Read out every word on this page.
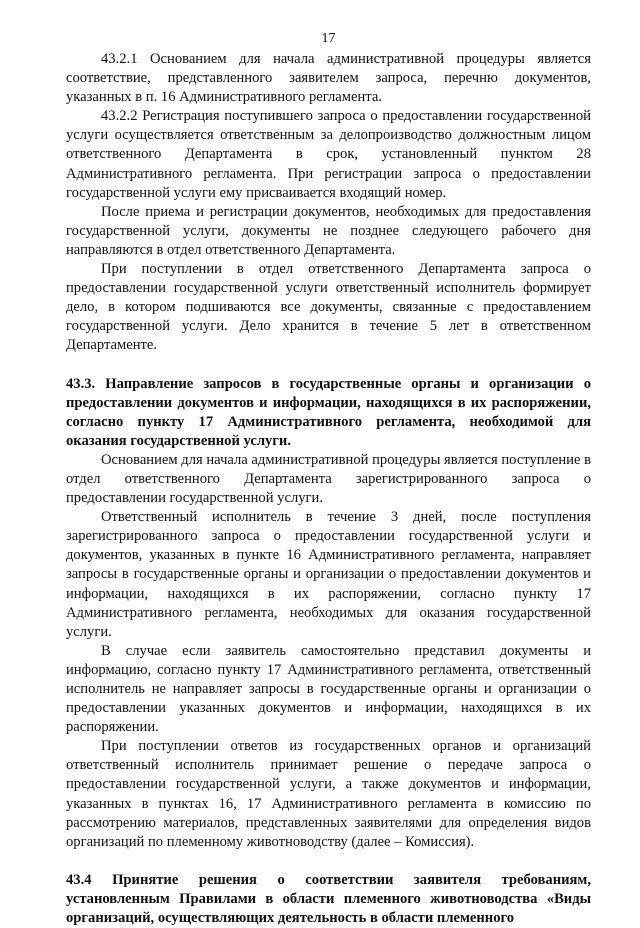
17

43.2.1 Основанием для начала административной процедуры является соответствие, представленного заявителем запроса, перечню документов, указанных в п. 16 Административного регламента.

43.2.2 Регистрация поступившего запроса о предоставлении государственной услуги осуществляется ответственным за делопроизводство должностным лицом ответственного Департамента в срок, установленный пунктом 28 Административного регламента. При регистрации запроса о предоставлении государственной услуги ему присваивается входящий номер.

После приема и регистрации документов, необходимых для предоставления государственной услуги, документы не позднее следующего рабочего дня направляются в отдел ответственного Департамента.

При поступлении в отдел ответственного Департамента запроса о предоставлении государственной услуги ответственный исполнитель формирует дело, в котором подшиваются все документы, связанные с предоставлением государственной услуги. Дело хранится в течение 5 лет в ответственном Департаменте.

43.3. Направление запросов в государственные органы и организации о предоставлении документов и информации, находящихся в их распоряжении, согласно пункту 17 Административного регламента, необходимой для оказания государственной услуги.

Основанием для начала административной процедуры является поступление в отдел ответственного Департамента зарегистрированного запроса о предоставлении государственной услуги.

Ответственный исполнитель в течение 3 дней, после поступления зарегистрированного запроса о предоставлении государственной услуги и документов, указанных в пункте 16 Административного регламента, направляет запросы в государственные органы и организации о предоставлении документов и информации, находящихся в их распоряжении, согласно пункту 17 Административного регламента, необходимых для оказания государственной услуги.

В случае если заявитель самостоятельно представил документы и информацию, согласно пункту 17 Административного регламента, ответственный исполнитель не направляет запросы в государственные органы и организации о предоставлении указанных документов и информации, находящихся в их распоряжении.

При поступлении ответов из государственных органов и организаций ответственный исполнитель принимает решение о передаче запроса о предоставлении государственной услуги, а также документов и информации, указанных в пунктах 16, 17 Административного регламента в комиссию по рассмотрению материалов, представленных заявителями для определения видов организаций по племенному животноводству (далее – Комиссия).

43.4 Принятие решения о соответствии заявителя требованиям, установленным Правилами в области племенного животноводства «Виды организаций, осуществляющих деятельность в области племенного
